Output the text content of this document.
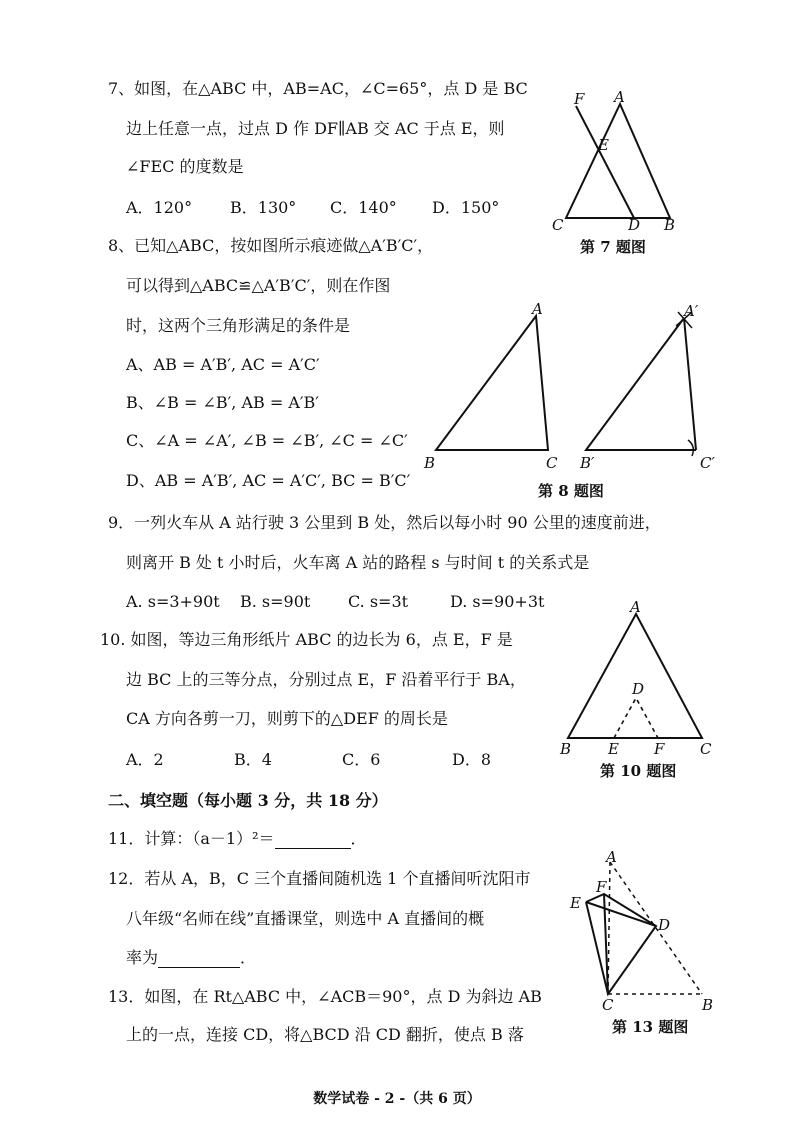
7、如图，在△ABC 中，AB=AC，∠C=65°，点 D 是 BC
边上任意一点，过点 D 作 DF∥AB 交 AC 于点 E，则
∠FEC 的度数是
A．120° B．130° C．140° D．150°
F A
E
C	D B
第 7 题图
8、已知△ABC，按如图所示痕迹做△A′B′C′，
可以得到△ABC≌△A′B′C′，则在作图
时，这两个三角形满足的条件是
A、AB = A′B′, AC = A′C′
B、∠B = ∠B′, AB = A′B′
C、∠A = ∠A′, ∠B = ∠B′, ∠C = ∠C′
D、AB = A′B′, AC = A′C′, BC = B′C′
A
B	C
A′
B′	C′
第 8 题图
9．一列火车从 A 站行驶 3 公里到 B 处，然后以每小时 90 公里的速度前进，
则离开 B 处 t 小时后，火车离 A 站的路程 s 与时间 t 的关系式是
A. s=3+90t B. s=90t C. s=3t	D. s=90+3t
10. 如图，等边三角形纸片 ABC 的边长为 6，点 E，F 是
边 BC 上的三等分点，分别过点 E，F 沿着平行于 BA，
CA 方向各剪一刀，则剪下的△DEF 的周长是
A．2	B．4	C．6	D．8
A
D
B E F C
第 10 题图
二、填空题（每小题 3 分，共 18 分）
11．计算：（a－1）²＝	．
12．若从 A，B，C 三个直播间随机选 1 个直播间听沈阳市
八年级“名师在线”直播课堂，则选中 A 直播间的概
率为	．
13．如图，在 Rt△ABC 中，∠ACB＝90°，点 D 为斜边 AB
上的一点，连接 CD，将△BCD 沿 CD 翻折，使点 B 落
A
F
E
D
C	B
第 13 题图
数学试卷 - 2 -（共 6 页）
